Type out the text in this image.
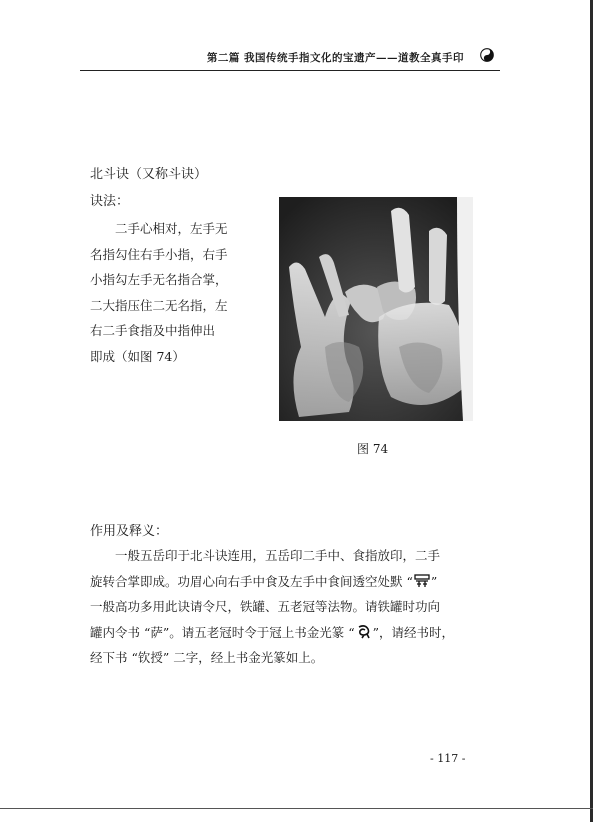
第二篇 我国传统手指文化的宝遗产——道教全真手印
北斗诀（又称斗诀）
诀法：

二手心相对，左手无

名指勾住右手小指，右手

小指勾左手无名指合掌，

二大指压住二无名指，左

右二手食指及中指伸出

即成（如图 74）

图 74
作用及释义：

一般五岳印于北斗诀连用，五岳印二手中、食指放印，二手

旋转合掌即成。功眉心向右手中食及左手中食间透空处默 “ ”

一般高功多用此诀请令尺，铁罐、五老冠等法物。请铁罐时功向

罐内令书 “萨”。请五老冠时令于冠上书金光篆 “ ”，请经书时，

经下书 “钦授” 二字，经上书金光篆如上。

- 117 -
